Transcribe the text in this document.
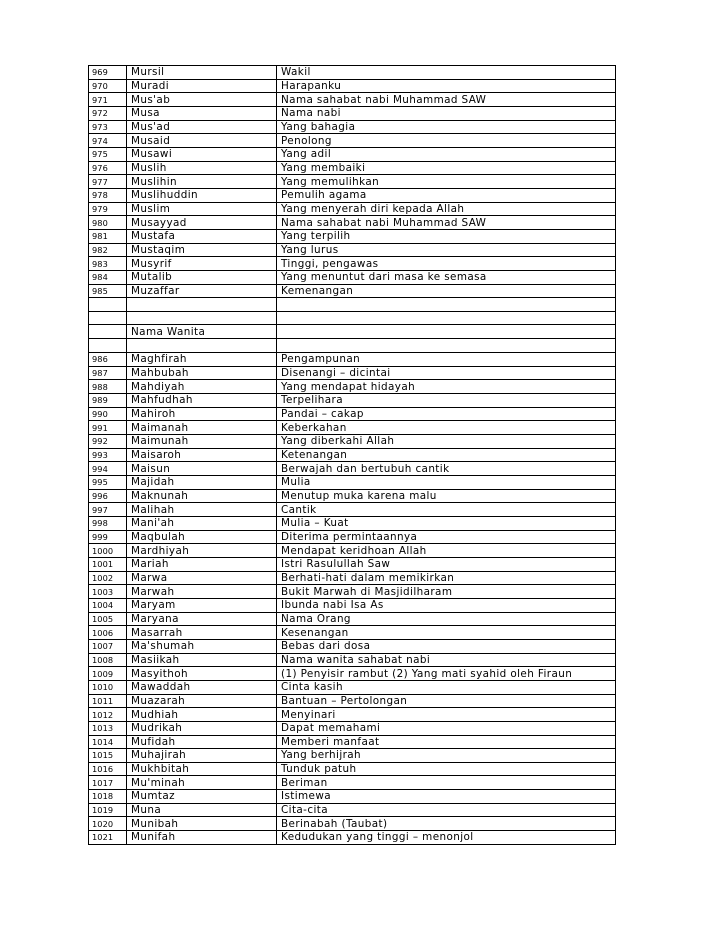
969	Mursil	Wakil
970	Muradi	Harapanku
971	Mus'ab	Nama sahabat nabi Muhammad SAW
972	Musa	Nama nabi
973	Mus'ad	Yang bahagia
974	Musaid	Penolong
975	Musawi	Yang adil
976	Muslih	Yang membaiki
977	Muslihin	Yang memulihkan
978	Muslihuddin	Pemulih agama
979	Muslim	Yang menyerah diri kepada Allah
980	Musayyad	Nama sahabat nabi Muhammad SAW
981	Mustafa	Yang terpilih
982	Mustaqim	Yang lurus
983	Musyrif	Tinggi, pengawas
984	Mutalib	Yang menuntut dari masa ke semasa
985	Muzaffar	Kemenangan

	Nama Wanita	

986	Maghfirah	Pengampunan
987	Mahbubah	Disenangi – dicintai
988	Mahdiyah	Yang mendapat hidayah
989	Mahfudhah	Terpelihara
990	Mahiroh	Pandai – cakap
991	Maimanah	Keberkahan
992	Maimunah	Yang diberkahi Allah
993	Maisaroh	Ketenangan
994	Maisun	Berwajah dan bertubuh cantik
995	Majidah	Mulia
996	Maknunah	Menutup muka karena malu
997	Malihah	Cantik
998	Mani'ah	Mulia – Kuat
999	Maqbulah	Diterima permintaannya
1000	Mardhiyah	Mendapat keridhoan Allah
1001	Mariah	Istri Rasulullah Saw
1002	Marwa	Berhati-hati dalam memikirkan
1003	Marwah	Bukit Marwah di Masjidilharam
1004	Maryam	Ibunda nabi Isa As
1005	Maryana	Nama Orang
1006	Masarrah	Kesenangan
1007	Ma'shumah	Bebas dari dosa
1008	Masiikah	Nama wanita sahabat nabi
1009	Masyithoh	(1) Penyisir rambut (2) Yang mati syahid oleh Firaun
1010	Mawaddah	Cinta kasih
1011	Muazarah	Bantuan – Pertolongan
1012	Mudhiah	Menyinari
1013	Mudrikah	Dapat memahami
1014	Mufidah	Memberi manfaat
1015	Muhajirah	Yang berhijrah
1016	Mukhbitah	Tunduk patuh
1017	Mu'minah	Beriman
1018	Mumtaz	Istimewa
1019	Muna	Cita-cita
1020	Munibah	Berinabah (Taubat)
1021	Munifah	Kedudukan yang tinggi – menonjol
